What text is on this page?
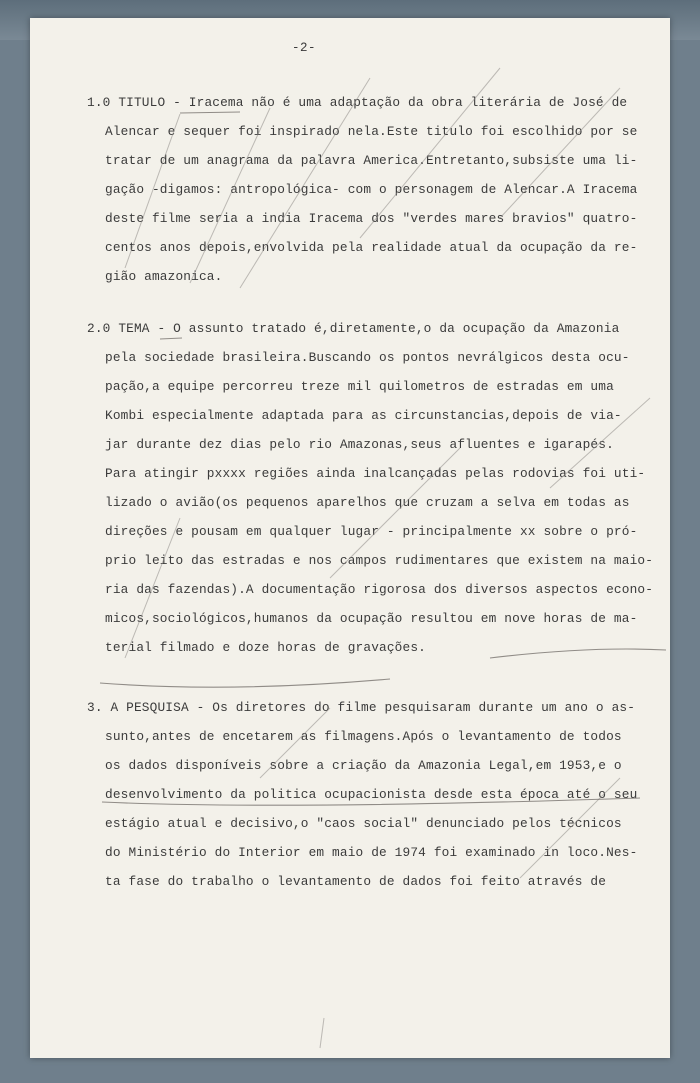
-2-
1.0 TITULO - Iracema não é uma adaptação da obra literária de José de
Alencar e sequer foi inspirado nela.Este titulo foi escolhido por se
tratar de um anagrama da palavra America.Entretanto,subsiste uma li-
gação -digamos: antropológica- com o personagem de Alencar.A Iracema
deste filme seria a india Iracema dos "verdes mares bravios" quatro-
centos anos depois,envolvida pela realidade atual da ocupação da re-
gião amazonica.
2.0 TEMA - O assunto tratado é,diretamente,o da ocupação da Amazonia
pela sociedade brasileira.Buscando os pontos nevrálgicos desta ocu-
pação,a equipe percorreu treze mil quilometros de estradas em uma
Kombi especialmente adaptada para as circunstancias,depois de via-
jar durante dez dias pelo rio Amazonas,seus afluentes e igarapés.
Para atingir pxxxx regiões ainda inalcançadas pelas rodovias foi uti-
lizado o avião(os pequenos aparelhos que cruzam a selva em todas as
direções e pousam em qualquer lugar - principalmente xx sobre o pró-
prio leito das estradas e nos campos rudimentares que existem na maio-
ria das fazendas).A documentação rigorosa dos diversos aspectos econo-
micos,sociológicos,humanos da ocupação resultou em nove horas de ma-
terial filmado e doze horas de gravações.
3. A PESQUISA - Os diretores do filme pesquisaram durante um ano o as-
sunto,antes de encetarem as filmagens.Após o levantamento de todos
os dados disponíveis sobre a criação da Amazonia Legal,em 1953,e o
desenvolvimento da politica ocupacionista desde esta época até o seu
estágio atual e decisivo,o "caos social" denunciado pelos técnicos
do Ministério do Interior em maio de 1974 foi examinado in loco.Nes-
ta fase do trabalho o levantamento de dados foi feito através de
